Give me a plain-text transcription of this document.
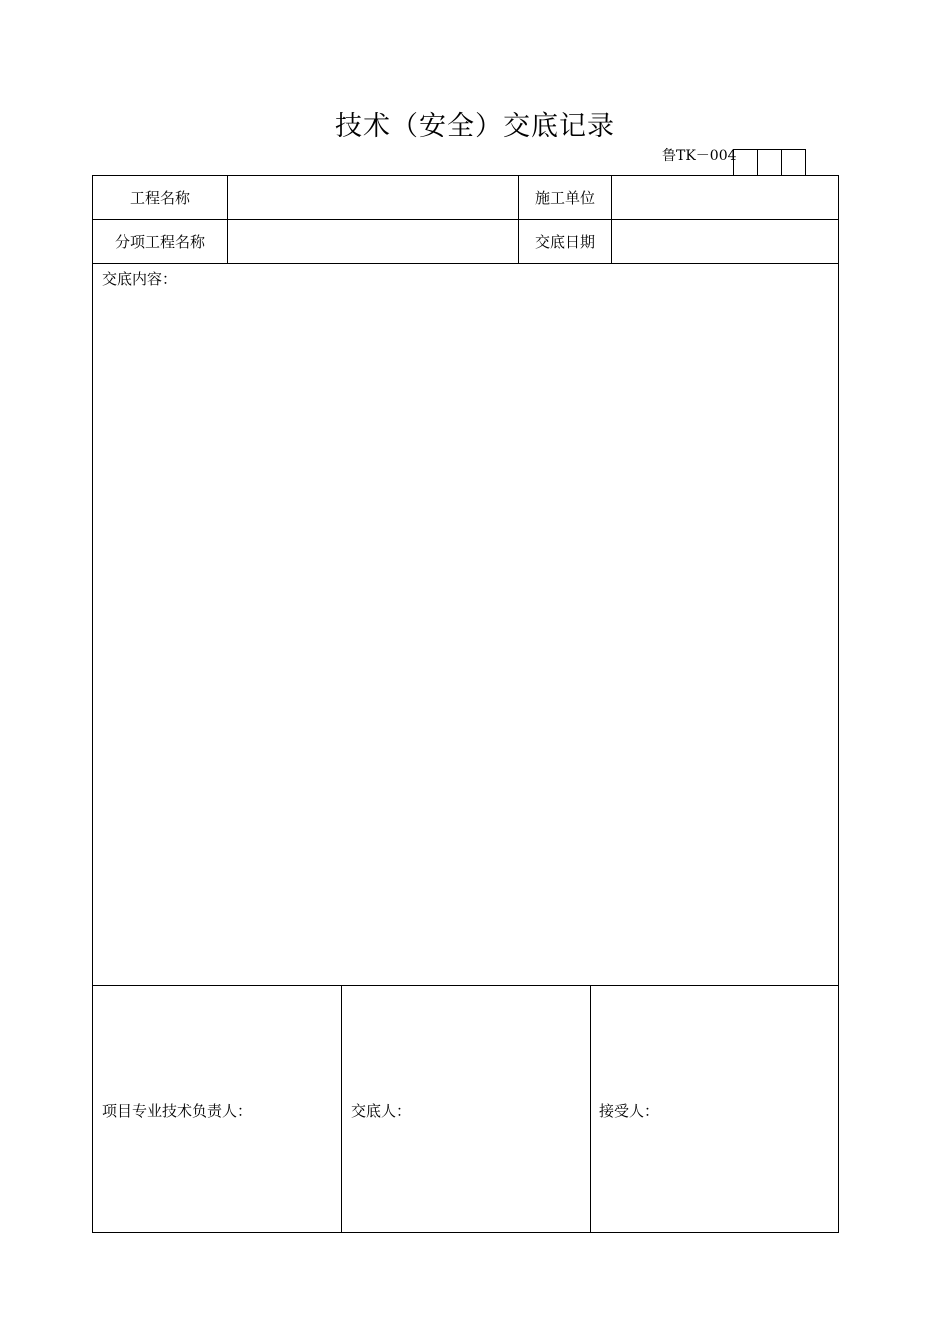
技术（安全）交底记录
鲁TK－004
工程名称	施工单位
分项工程名称	交底日期
交底内容：
项目专业技术负责人：	交底人：	接受人：
